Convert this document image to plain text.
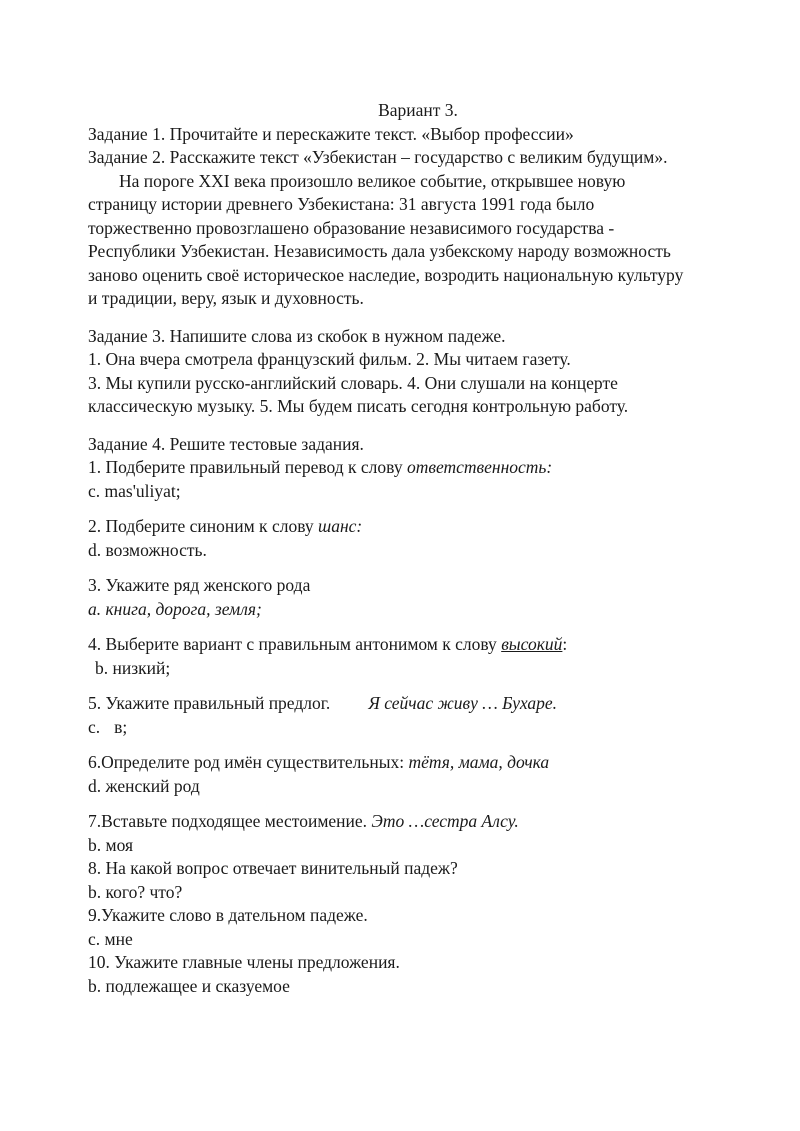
Вариант 3.
Задание 1. Прочитайте и перескажите текст. «Выбор профессии»
Задание 2. Расскажите текст «Узбекистан – государство с великим будущим».
На пороге XXI века произошло великое событие, открывшее новую
страницу истории древнего Узбекистана: 31 августа 1991 года было
торжественно провозглашено образование независимого государства -
Республики Узбекистан. Независимость дала узбекскому народу возможность
заново оценить своё историческое наследие, возродить национальную культуру
и традиции, веру, язык и духовность.
Задание 3. Напишите слова из скобок в нужном падеже.
1. Она вчера смотрела французский фильм. 2. Мы читаем газету.
3. Мы купили русско-английский словарь. 4. Они слушали на концерте
классическую музыку. 5. Мы будем писать сегодня контрольную работу.
Задание 4. Решите тестовые задания.
1. Подберите правильный перевод к слову ответственность:
c. mas'uliyat;
2. Подберите синоним к слову шанс:
d. возможность.
3. Укажите ряд женского рода
a. книга, дорога, земля;
4. Выберите вариант с правильным антонимом к слову высокий:
b. низкий;
5. Укажите правильный предлог. Я сейчас живу … Бухаре.
c. в;
6.Определите род имён существительных: тётя, мама, дочка
d. женский род
7.Вставьте подходящее местоимение. Это …сестра Алсу.
b. моя
8. На какой вопрос отвечает винительный падеж?
b. кого? что?
9.Укажите слово в дательном падеже.
c. мне
10. Укажите главные члены предложения.
b. подлежащее и сказуемое
